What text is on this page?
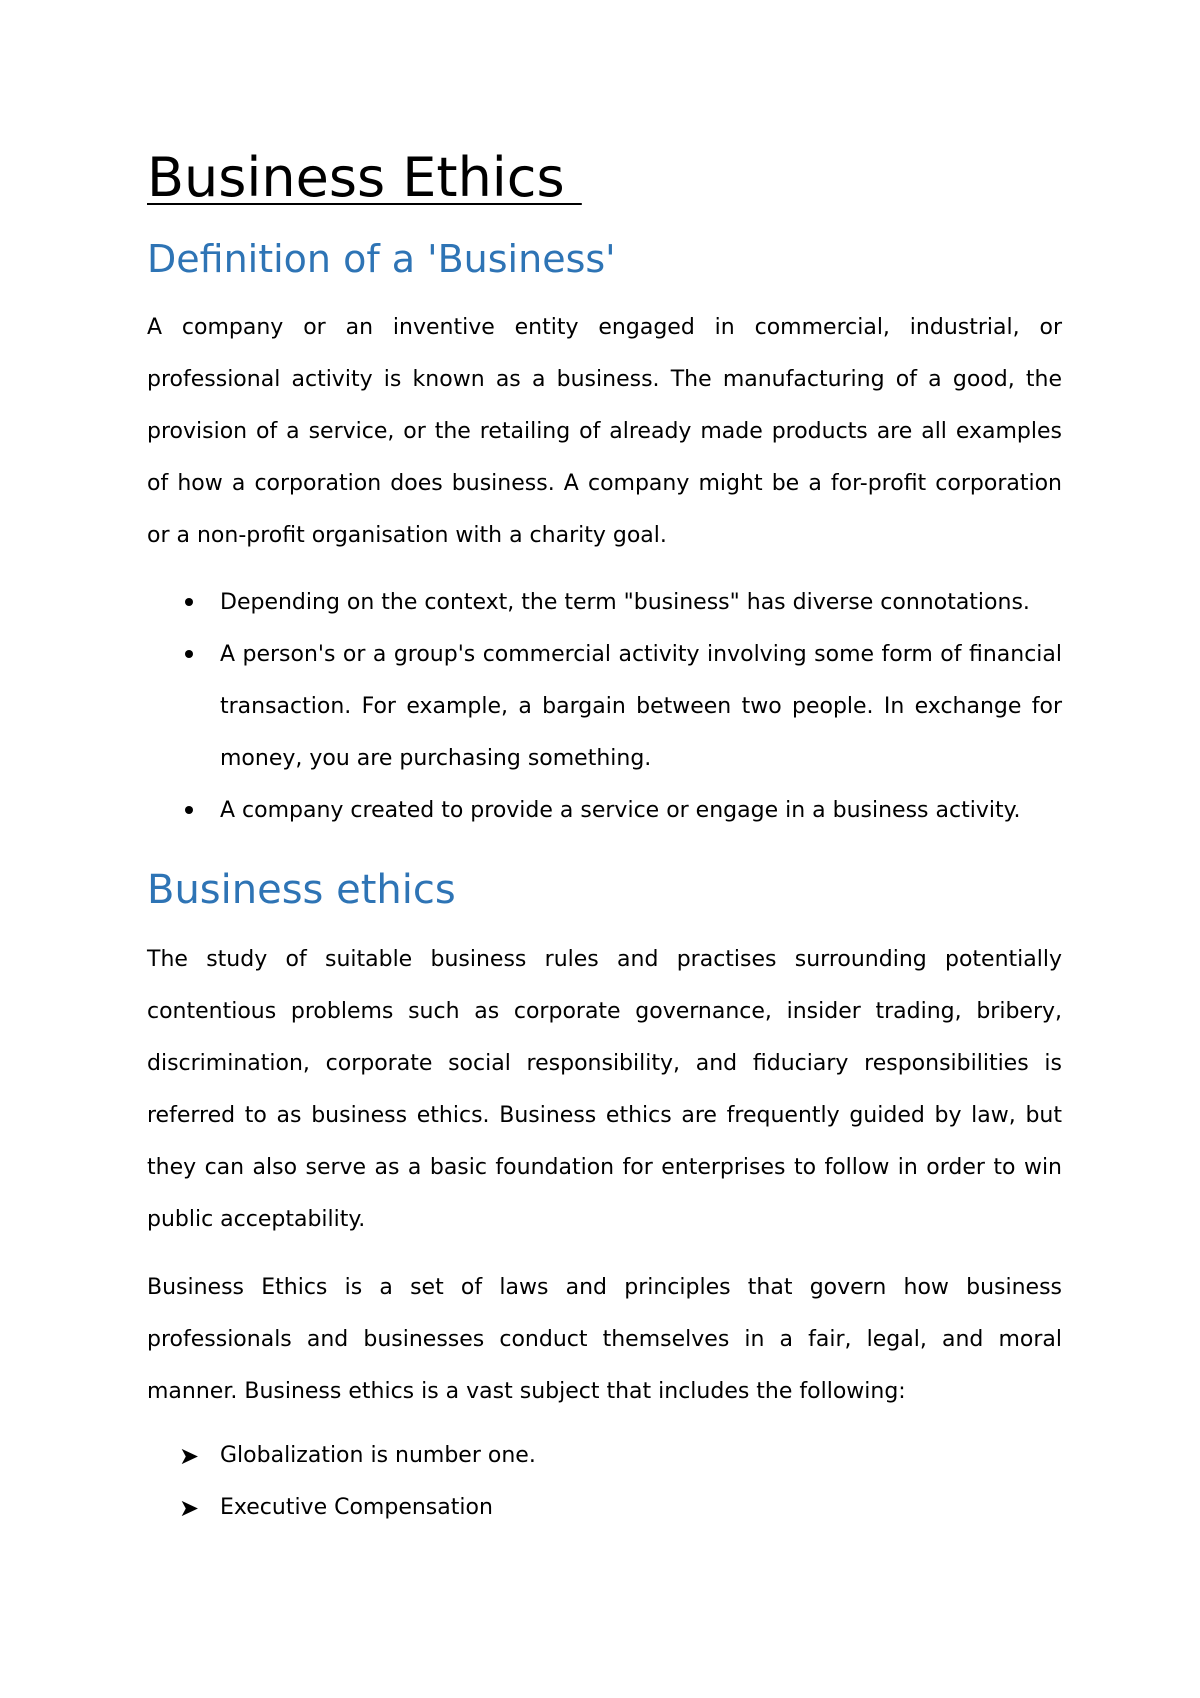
Business Ethics
Definition of a 'Business'

A company or an inventive entity engaged in commercial, industrial, or professional activity is known as a business. The manufacturing of a good, the provision of a service, or the retailing of already made products are all examples of how a corporation does business. A company might be a for-profit corporation or a non-profit organisation with a charity goal.

Depending on the context, the term "business" has diverse connotations.
A person's or a group's commercial activity involving some form of financial transaction. For example, a bargain between two people. In exchange for money, you are purchasing something.
A company created to provide a service or engage in a business activity.
Business ethics

The study of suitable business rules and practises surrounding potentially contentious problems such as corporate governance, insider trading, bribery, discrimination, corporate social responsibility, and fiduciary responsibilities is referred to as business ethics. Business ethics are frequently guided by law, but they can also serve as a basic foundation for enterprises to follow in order to win public acceptability.

Business Ethics is a set of laws and principles that govern how business professionals and businesses conduct themselves in a fair, legal, and moral manner. Business ethics is a vast subject that includes the following:

➤ Globalization is number one.
➤ Executive Compensation
